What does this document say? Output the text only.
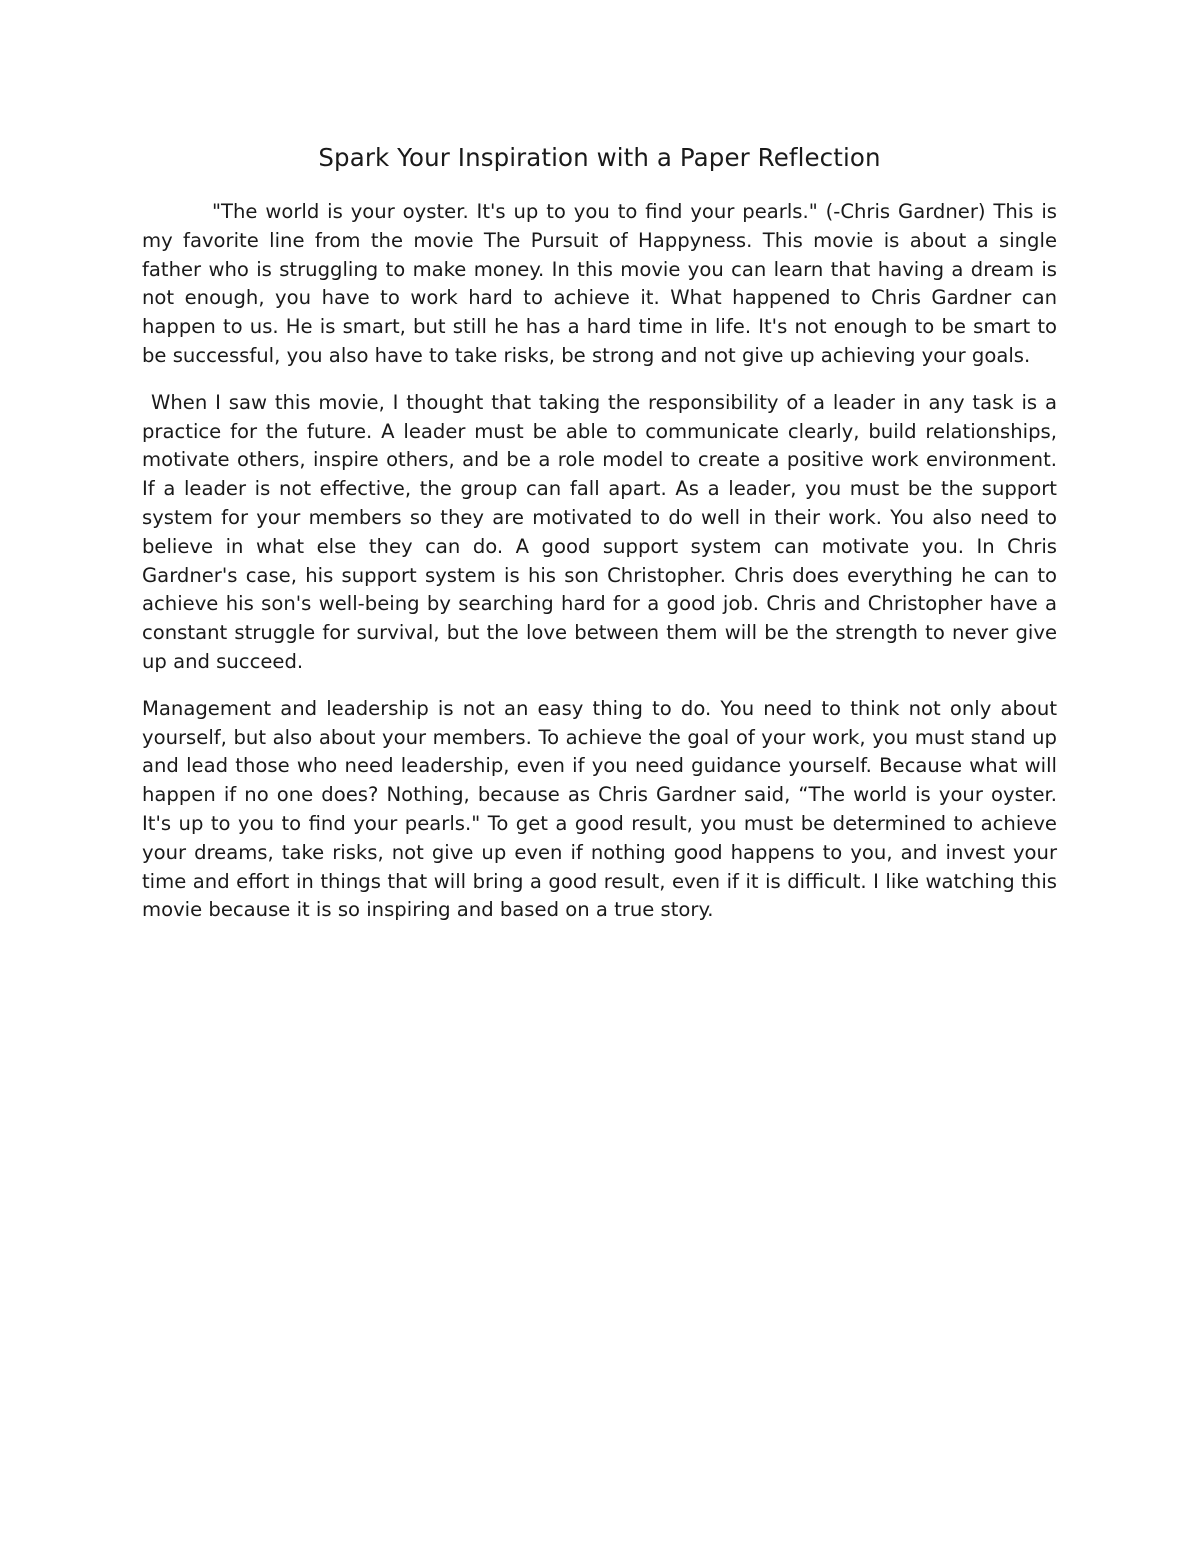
Spark Your Inspiration with a Paper Reflection

"The world is your oyster. It's up to you to find your pearls." (-Chris Gardner) This is my favorite line from the movie The Pursuit of Happyness. This movie is about a single father who is struggling to make money. In this movie you can learn that having a dream is not enough, you have to work hard to achieve it. What happened to Chris Gardner can happen to us. He is smart, but still he has a hard time in life. It's not enough to be smart to be successful, you also have to take risks, be strong and not give up achieving your goals.

When I saw this movie, I thought that taking the responsibility of a leader in any task is a practice for the future. A leader must be able to communicate clearly, build relationships, motivate others, inspire others, and be a role model to create a positive work environment. If a leader is not effective, the group can fall apart. As a leader, you must be the support system for your members so they are motivated to do well in their work. You also need to believe in what else they can do. A good support system can motivate you. In Chris Gardner's case, his support system is his son Christopher. Chris does everything he can to achieve his son's well-being by searching hard for a good job. Chris and Christopher have a constant struggle for survival, but the love between them will be the strength to never give up and succeed.

Management and leadership is not an easy thing to do. You need to think not only about yourself, but also about your members. To achieve the goal of your work, you must stand up and lead those who need leadership, even if you need guidance yourself. Because what will happen if no one does? Nothing, because as Chris Gardner said, “The world is your oyster. It's up to you to find your pearls." To get a good result, you must be determined to achieve your dreams, take risks, not give up even if nothing good happens to you, and invest your time and effort in things that will bring a good result, even if it is difficult. I like watching this movie because it is so inspiring and based on a true story.
